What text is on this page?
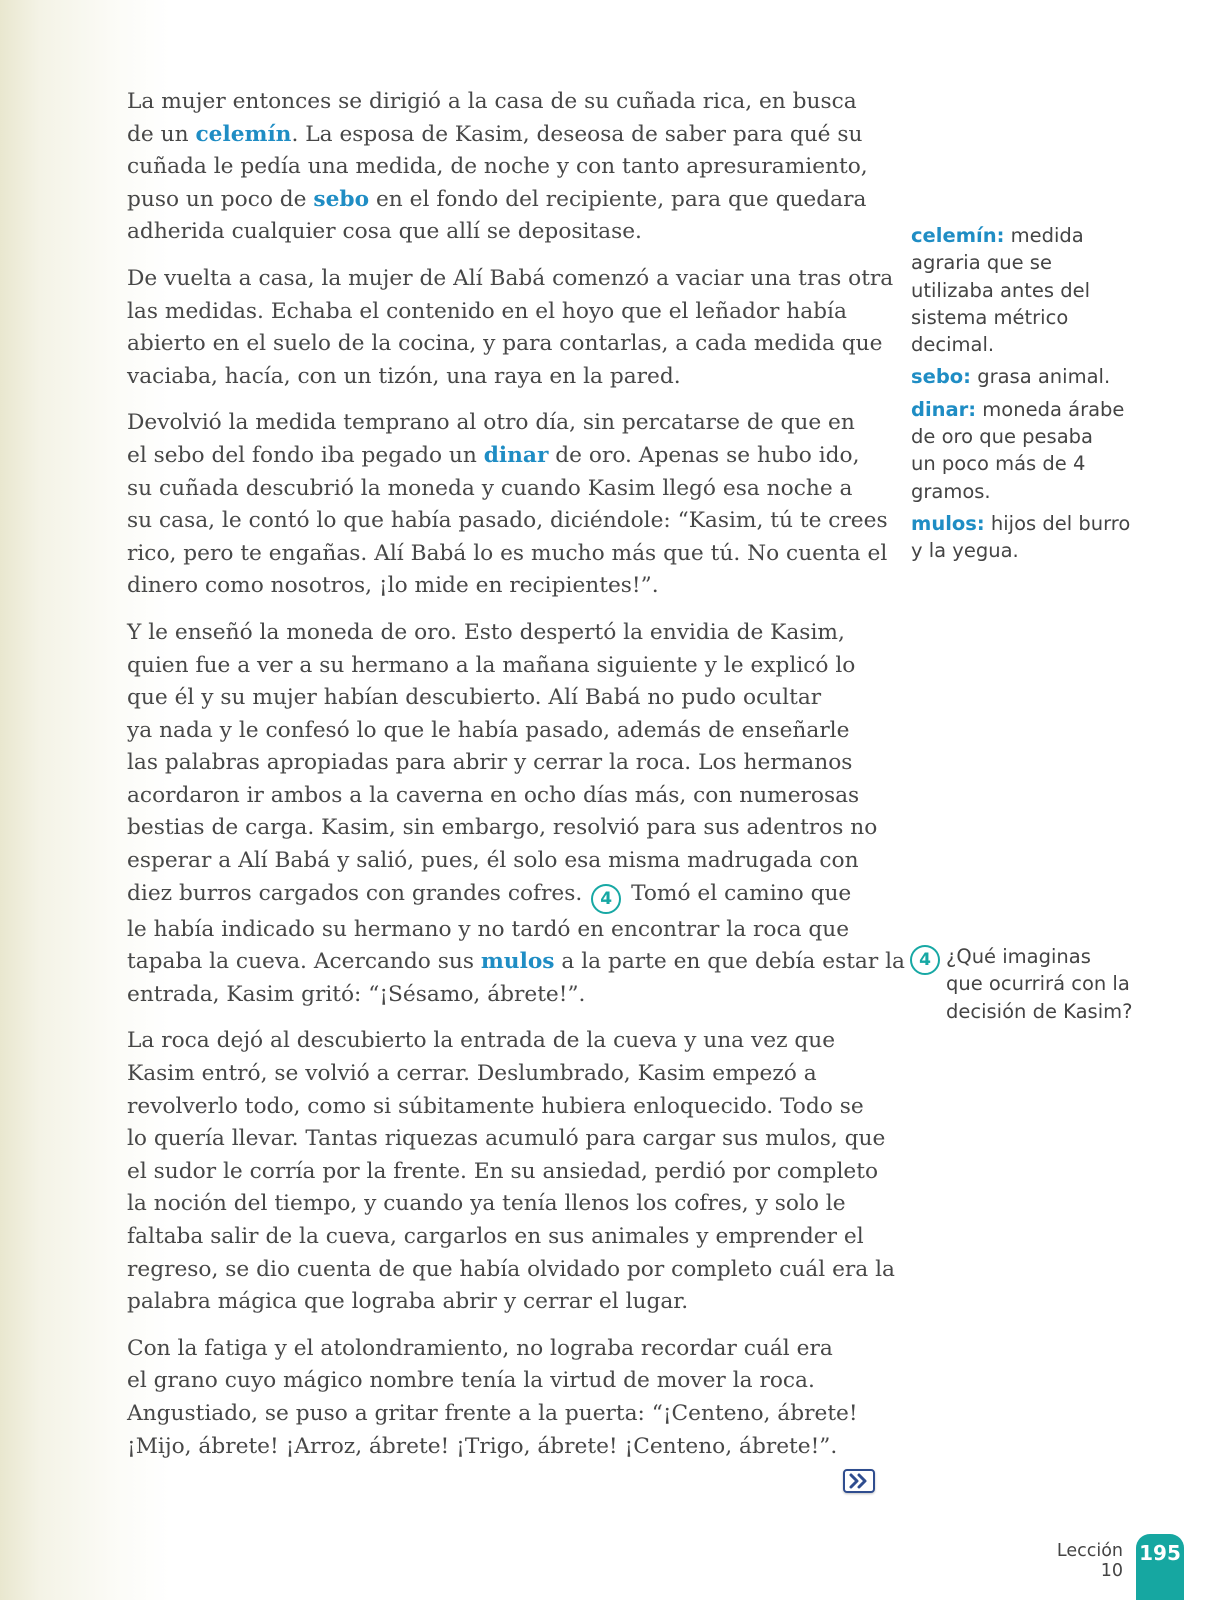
La mujer entonces se dirigió a la casa de su cuñada rica, en busca
de un celemín. La esposa de Kasim, deseosa de saber para qué su
cuñada le pedía una medida, de noche y con tanto apresuramiento,
puso un poco de sebo en el fondo del recipiente, para que quedara
adherida cualquier cosa que allí se depositase.

De vuelta a casa, la mujer de Alí Babá comenzó a vaciar una tras otra
las medidas. Echaba el contenido en el hoyo que el leñador había
abierto en el suelo de la cocina, y para contarlas, a cada medida que
vaciaba, hacía, con un tizón, una raya en la pared.

Devolvió la medida temprano al otro día, sin percatarse de que en
el sebo del fondo iba pegado un dinar de oro. Apenas se hubo ido,
su cuñada descubrió la moneda y cuando Kasim llegó esa noche a
su casa, le contó lo que había pasado, diciéndole: “Kasim, tú te crees
rico, pero te engañas. Alí Babá lo es mucho más que tú. No cuenta el
dinero como nosotros, ¡lo mide en recipientes!”.

Y le enseñó la moneda de oro. Esto despertó la envidia de Kasim,
quien fue a ver a su hermano a la mañana siguiente y le explicó lo
que él y su mujer habían descubierto. Alí Babá no pudo ocultar
ya nada y le confesó lo que le había pasado, además de enseñarle
las palabras apropiadas para abrir y cerrar la roca. Los hermanos
acordaron ir ambos a la caverna en ocho días más, con numerosas
bestias de carga. Kasim, sin embargo, resolvió para sus adentros no
esperar a Alí Babá y salió, pues, él solo esa misma madrugada con
diez burros cargados con grandes cofres. 4 Tomó el camino que
le había indicado su hermano y no tardó en encontrar la roca que
tapaba la cueva. Acercando sus mulos a la parte en que debía estar la
entrada, Kasim gritó: “¡Sésamo, ábrete!”.

La roca dejó al descubierto la entrada de la cueva y una vez que
Kasim entró, se volvió a cerrar. Deslumbrado, Kasim empezó a
revolverlo todo, como si súbitamente hubiera enloquecido. Todo se
lo quería llevar. Tantas riquezas acumuló para cargar sus mulos, que
el sudor le corría por la frente. En su ansiedad, perdió por completo
la noción del tiempo, y cuando ya tenía llenos los cofres, y solo le
faltaba salir de la cueva, cargarlos en sus animales y emprender el
regreso, se dio cuenta de que había olvidado por completo cuál era la
palabra mágica que lograba abrir y cerrar el lugar.

Con la fatiga y el atolondramiento, no lograba recordar cuál era
el grano cuyo mágico nombre tenía la virtud de mover la roca.
Angustiado, se puso a gritar frente a la puerta: “¡Centeno, ábrete!
¡Mijo, ábrete! ¡Arroz, ábrete! ¡Trigo, ábrete! ¡Centeno, ábrete!”.

celemín: medida
agraria que se
utilizaba antes del
sistema métrico
decimal.
sebo: grasa animal.
dinar: moneda árabe
de oro que pesaba
un poco más de 4
gramos.
mulos: hijos del burro
y la yegua.
4 ¿Qué imaginas
que ocurrirá con la
decisión de Kasim?
Lección 10
195
